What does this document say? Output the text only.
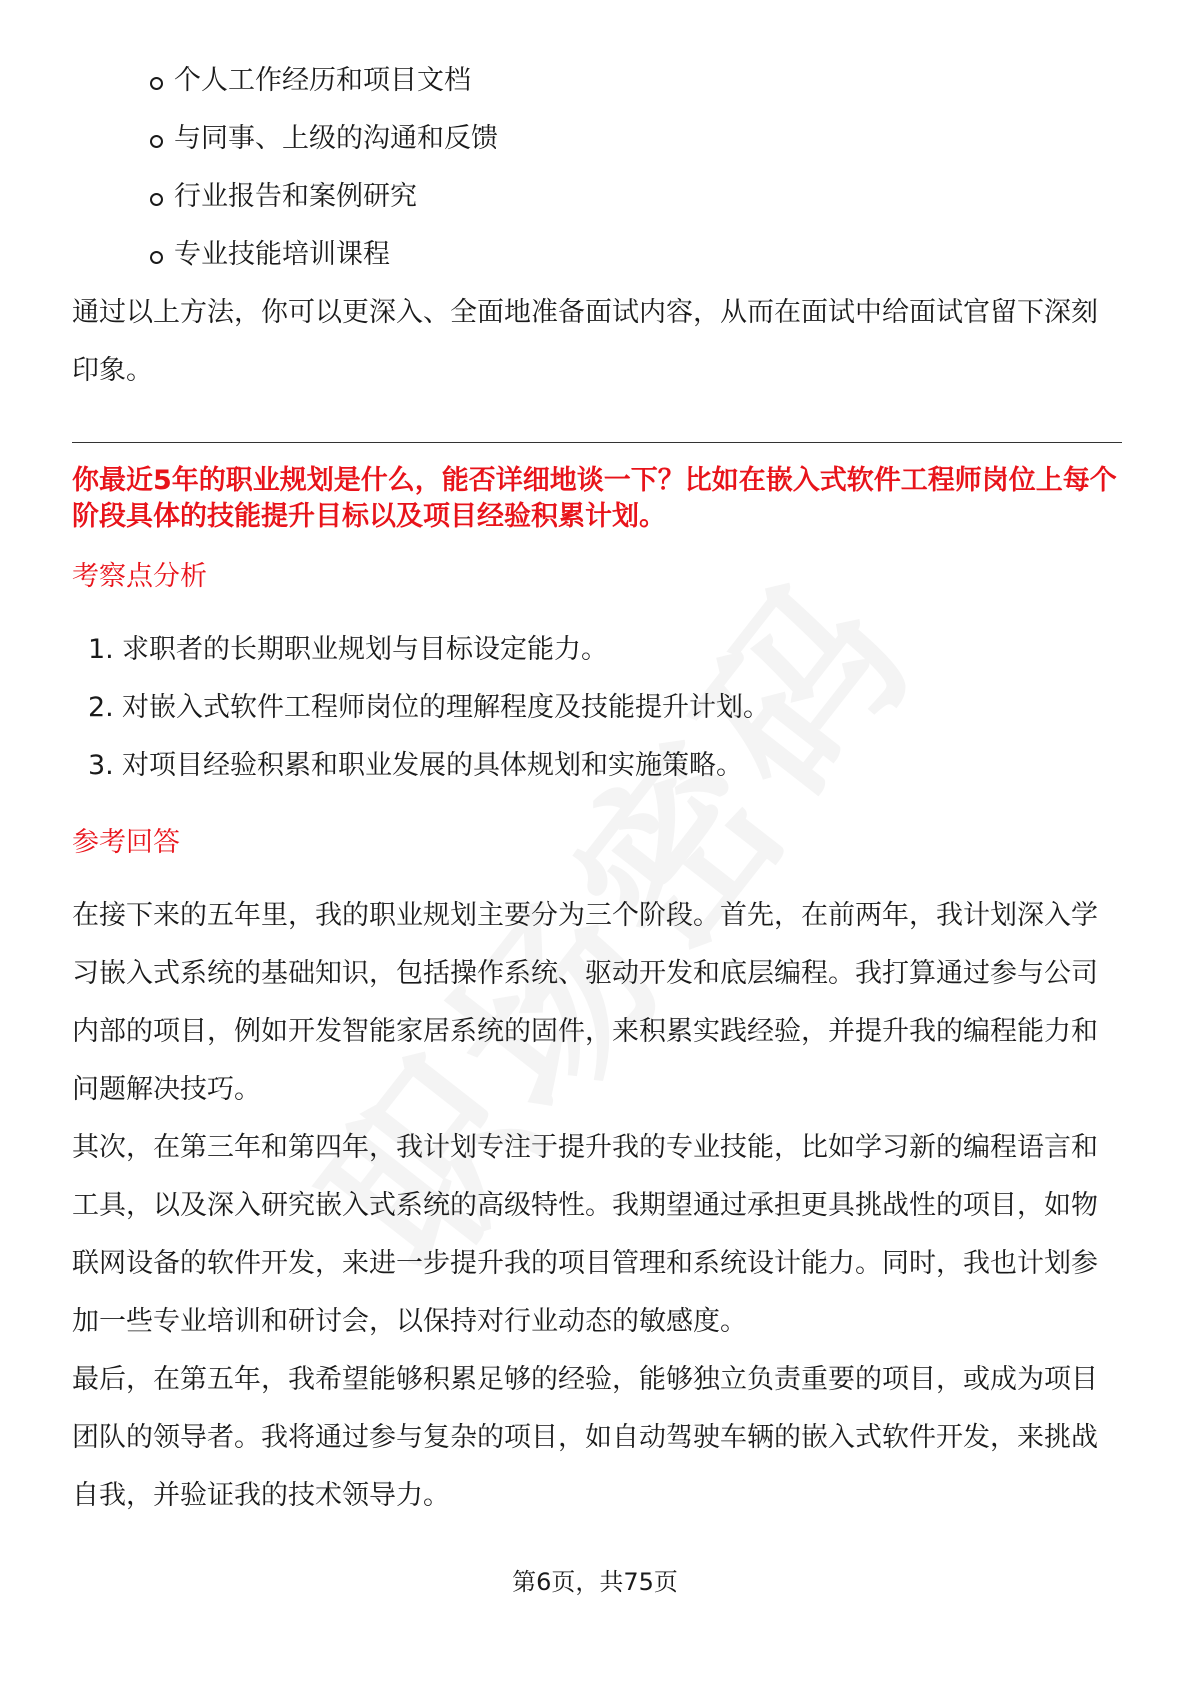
个人工作经历和项目文档
与同事、上级的沟通和反馈
行业报告和案例研究
专业技能培训课程

通过以上方法，你可以更深入、全面地准备面试内容，从而在面试中给面试官留下深刻印象。

你最近5年的职业规划是什么，能否详细地谈一下？比如在嵌入式软件工程师岗位上每个阶段具体的技能提升目标以及项目经验积累计划。

考察点分析
1. 求职者的长期职业规划与目标设定能力。
2. 对嵌入式软件工程师岗位的理解程度及技能提升计划。
3. 对项目经验积累和职业发展的具体规划和实施策略。
参考回答

在接下来的五年里，我的职业规划主要分为三个阶段。首先，在前两年，我计划深入学习嵌入式系统的基础知识，包括操作系统、驱动开发和底层编程。我打算通过参与公司内部的项目，例如开发智能家居系统的固件，来积累实践经验，并提升我的编程能力和问题解决技巧。

其次，在第三年和第四年，我计划专注于提升我的专业技能，比如学习新的编程语言和工具，以及深入研究嵌入式系统的高级特性。我期望通过承担更具挑战性的项目，如物联网设备的软件开发，来进一步提升我的项目管理和系统设计能力。同时，我也计划参加一些专业培训和研讨会，以保持对行业动态的敏感度。

最后，在第五年，我希望能够积累足够的经验，能够独立负责重要的项目，或成为项目团队的领导者。我将通过参与复杂的项目，如自动驾驶车辆的嵌入式软件开发，来挑战自我，并验证我的技术领导力。

第6页，共75页
